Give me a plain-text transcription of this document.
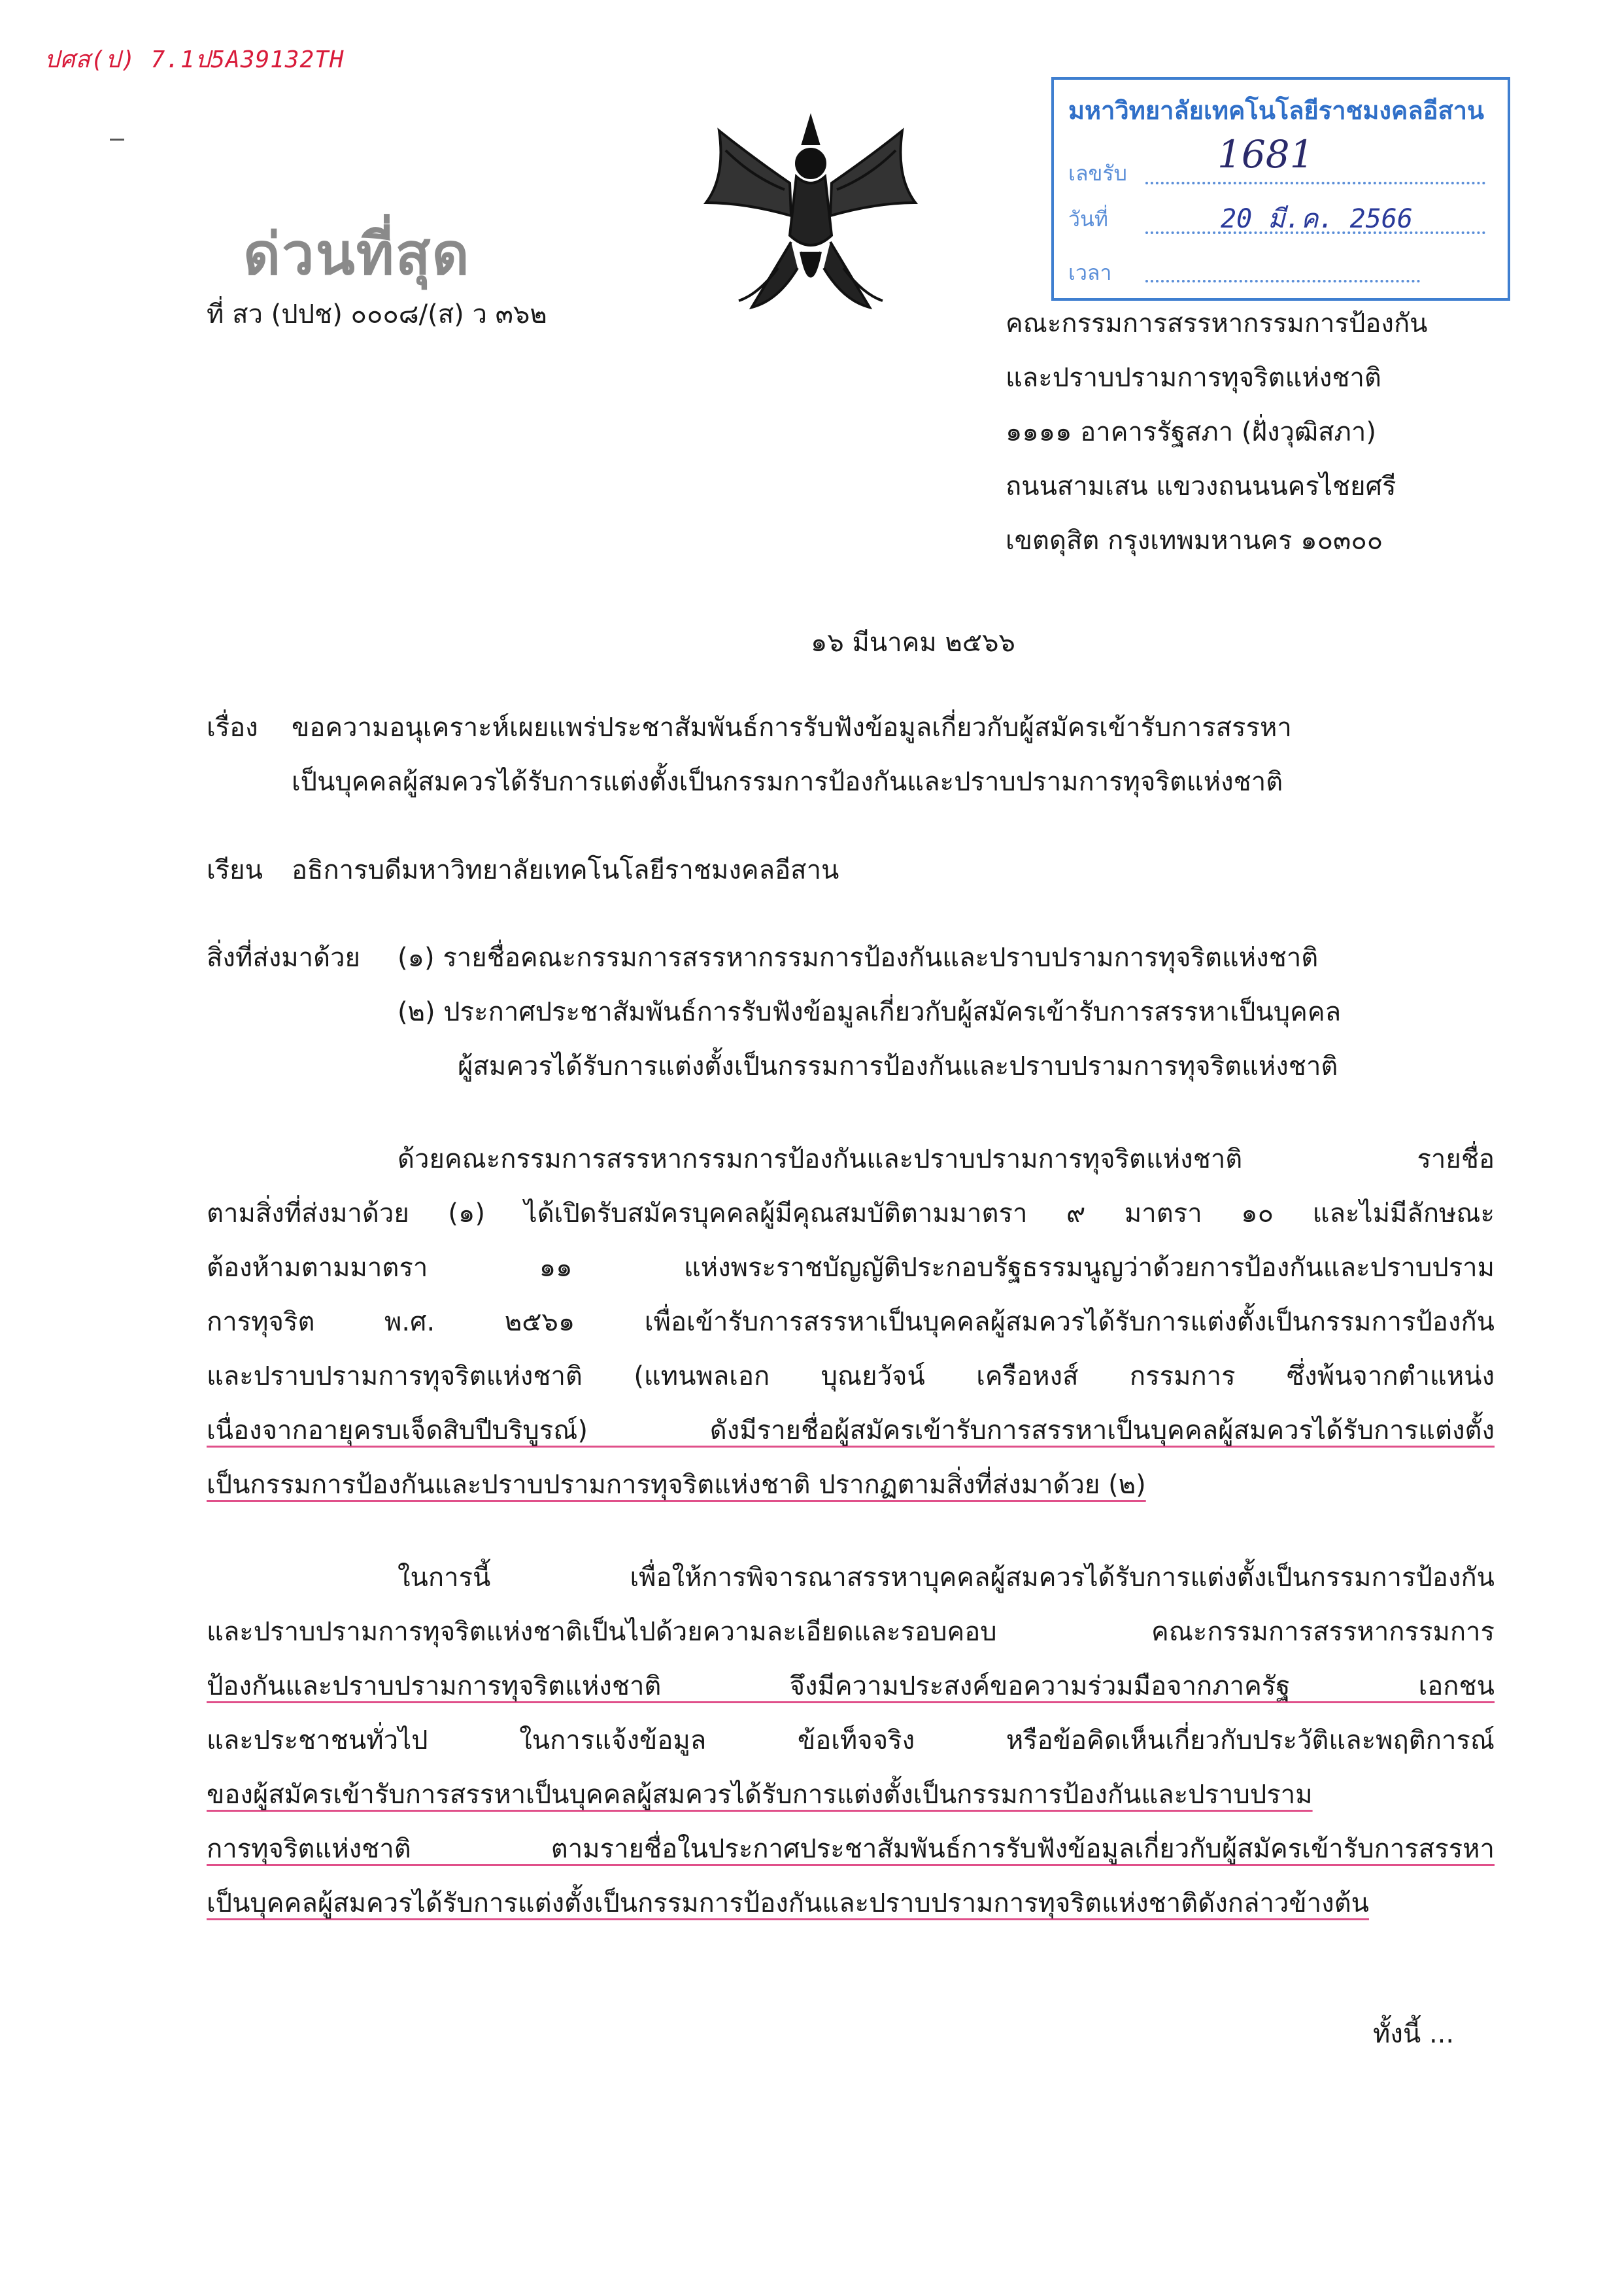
ปศส(ป) 7.1ป5A39132TH
ด่วนที่สุด
มหาวิทยาลัยเทคโนโลยีราชมงคลอีสาน
เลขรับ 1681
วันที่	20 มี.ค. 2566
เวลา
ที่ สว (ปปช) ๐๐๐๘/(ส) ว ๓๖๒	คณะกรรมการสรรหากรรมการป้องกัน
และปราบปรามการทุจริตแห่งชาติ
๑๑๑๑ อาคารรัฐสภา (ฝั่งวุฒิสภา)
ถนนสามเสน แขวงถนนนครไชยศรี
เขตดุสิต กรุงเทพมหานคร ๑๐๓๐๐
๑๖ มีนาคม ๒๕๖๖
เรื่อง ขอความอนุเคราะห์เผยแพร่ประชาสัมพันธ์การรับฟังข้อมูลเกี่ยวกับผู้สมัครเข้ารับการสรรหา
เป็นบุคคลผู้สมควรได้รับการแต่งตั้งเป็นกรรมการป้องกันและปราบปรามการทุจริตแห่งชาติ
เรียน อธิการบดีมหาวิทยาลัยเทคโนโลยีราชมงคลอีสาน
สิ่งที่ส่งมาด้วย (๑) รายชื่อคณะกรรมการสรรหากรรมการป้องกันและปราบปรามการทุจริตแห่งชาติ
(๒) ประกาศประชาสัมพันธ์การรับฟังข้อมูลเกี่ยวกับผู้สมัครเข้ารับการสรรหาเป็นบุคคล
ผู้สมควรได้รับการแต่งตั้งเป็นกรรมการป้องกันและปราบปรามการทุจริตแห่งชาติ
ด้วยคณะกรรมการสรรหากรรมการป้องกันและปราบปรามการทุจริตแห่งชาติ รายชื่อ
ตามสิ่งที่ส่งมาด้วย (๑) ได้เปิดรับสมัครบุคคลผู้มีคุณสมบัติตามมาตรา ๙ มาตรา ๑๐ และไม่มีลักษณะ
ต้องห้ามตามมาตรา ๑๑ แห่งพระราชบัญญัติประกอบรัฐธรรมนูญว่าด้วยการป้องกันและปราบปราม
การทุจริต พ.ศ. ๒๕๖๑ เพื่อเข้ารับการสรรหาเป็นบุคคลผู้สมควรได้รับการแต่งตั้งเป็นกรรมการป้องกัน
และปราบปรามการทุจริตแห่งชาติ (แทนพลเอก บุณยวัจน์ เครือหงส์ กรรมการ ซึ่งพ้นจากตำแหน่ง
เนื่องจากอายุครบเจ็ดสิบปีบริบูรณ์) ดังมีรายชื่อผู้สมัครเข้ารับการสรรหาเป็นบุคคลผู้สมควรได้รับการแต่งตั้ง
เป็นกรรมการป้องกันและปราบปรามการทุจริตแห่งชาติ ปรากฏตามสิ่งที่ส่งมาด้วย (๒)
ในการนี้ เพื่อให้การพิจารณาสรรหาบุคคลผู้สมควรได้รับการแต่งตั้งเป็นกรรมการป้องกัน
และปราบปรามการทุจริตแห่งชาติเป็นไปด้วยความละเอียดและรอบคอบ คณะกรรมการสรรหากรรมการ
ป้องกันและปราบปรามการทุจริตแห่งชาติ จึงมีความประสงค์ขอความร่วมมือจากภาครัฐ เอกชน
และประชาชนทั่วไป ในการแจ้งข้อมูล ข้อเท็จจริง หรือข้อคิดเห็นเกี่ยวกับประวัติและพฤติการณ์
ของผู้สมัครเข้ารับการสรรหาเป็นบุคคลผู้สมควรได้รับการแต่งตั้งเป็นกรรมการป้องกันและปราบปราม
การทุจริตแห่งชาติ ตามรายชื่อในประกาศประชาสัมพันธ์การรับฟังข้อมูลเกี่ยวกับผู้สมัครเข้ารับการสรรหา
เป็นบุคคลผู้สมควรได้รับการแต่งตั้งเป็นกรรมการป้องกันและปราบปรามการทุจริตแห่งชาติดังกล่าวข้างต้น
ทั้งนี้ ...
